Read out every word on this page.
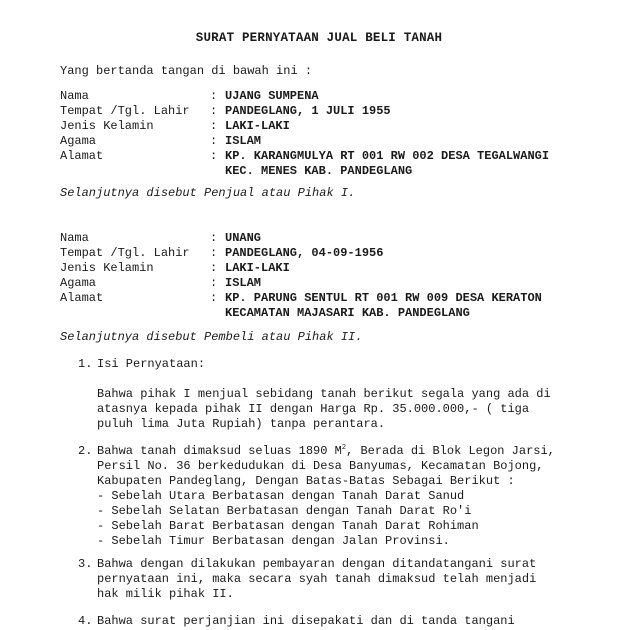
SURAT PERNYATAAN JUAL BELI TANAH
Yang bertanda tangan di bawah ini :
Nama	: UJANG SUMPENA
Tempat /Tgl. Lahir : PANDEGLANG, 1 JULI 1955
Jenis Kelamin	: LAKI-LAKI
Agama	: ISLAM
Alamat	: KP. KARANGMULYA RT 001 RW 002 DESA TEGALWANGI
KEC. MENES KAB. PANDEGLANG
Selanjutnya disebut Penjual atau Pihak I.
Nama	: UNANG
Tempat /Tgl. Lahir : PANDEGLANG, 04-09-1956
Jenis Kelamin	: LAKI-LAKI
Agama	: ISLAM
Alamat	: KP. PARUNG SENTUL RT 001 RW 009 DESA KERATON
KECAMATAN MAJASARI KAB. PANDEGLANG
Selanjutnya disebut Pembeli atau Pihak II.
1. Isi Pernyataan:
Bahwa pihak I menjual sebidang tanah berikut segala yang ada di
atasnya kepada pihak II dengan Harga Rp. 35.000.000,- ( tiga
puluh lima Juta Rupiah) tanpa perantara.
2. Bahwa tanah dimaksud seluas 1890 $M^2$, Berada di Blok Legon Jarsi,
Persil No. 36 berkedudukan di Desa Banyumas, Kecamatan Bojong,
Kabupaten Pandeglang, Dengan Batas-Batas Sebagai Berikut :
- Sebelah Utara Berbatasan dengan Tanah Darat Sanud
- Sebelah Selatan Berbatasan dengan Tanah Darat Ro'i
- Sebelah Barat Berbatasan dengan Tanah Darat Rohiman
- Sebelah Timur Berbatasan dengan Jalan Provinsi.
3. Bahwa dengan dilakukan pembayaran dengan ditandatangani surat
pernyataan ini, maka secara syah tanah dimaksud telah menjadi
hak milik pihak II.
4. Bahwa surat perjanjian ini disepakati dan di tanda tangani
